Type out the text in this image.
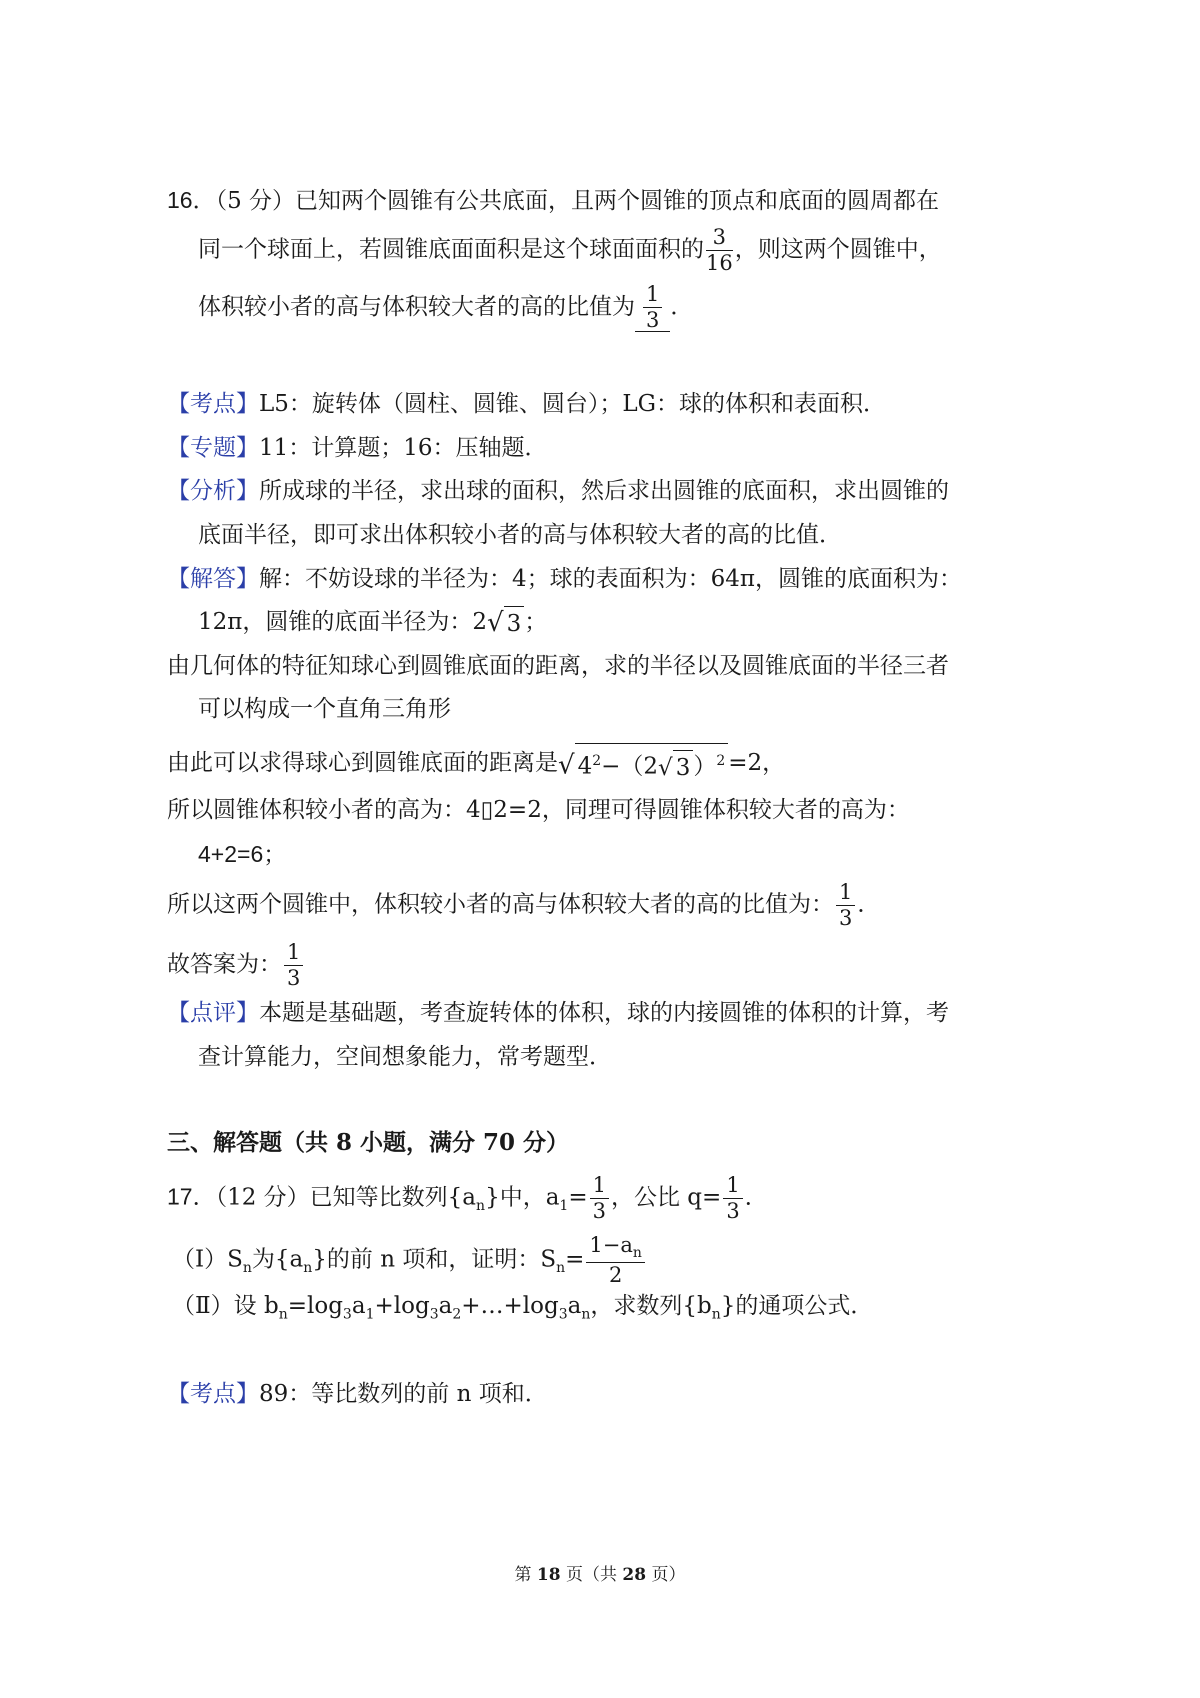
16．（5 分）已知两个圆锥有公共底面，且两个圆锥的顶点和底面的圆周都在
同一个球面上，若圆锥底面面积是这个球面面积的 $\frac{3}{16}$ ，则这两个圆锥中，
体积较小者的高与体积较大者的高的比值为 $\frac{1}{3}$ ．
【考点】L5：旋转体（圆柱、圆锥、圆台）；LG：球的体积和表面积．
【专题】11：计算题；16：压轴题．
【分析】所成球的半径，求出球的面积，然后求出圆锥的底面积，求出圆锥的
底面半径，即可求出体积较小者的高与体积较大者的高的比值．
【解答】解：不妨设球的半径为：4；球的表面积为：64π，圆锥的底面积为：
12π，圆锥的底面半径为：2√ 3 ；
由几何体的特征知球心到圆锥底面的距离，求的半径以及圆锥底面的半径三者
可以构成一个直角三角形
由此可以求得球心到圆锥底面的距离是√ $4^2-(2√$ 3 ）$^2$ =2，
所以圆锥体积较小者的高为：4▯2=2，同理可得圆锥体积较大者的高为：
4+2=6；
所以这两个圆锥中，体积较小者的高与体积较大者的高的比值为： $\frac{1}{3}$ ．
故答案为： $\frac{1}{3}$
【点评】本题是基础题，考查旋转体的体积，球的内接圆锥的体积的计算，考
查计算能力，空间想象能力，常考题型．
三、解答题（共 8 小题，满分 70 分）
17．（12 分）已知等比数列$\{a_n\}$中，$a_1= \frac{1}{3}$ ，公比 $q= \frac{1}{3}$ ．
$(Ⅰ)S_n$为$\{a_n\}$的前 n 项和，证明：$S_n= \frac{1-a_n}{2}$
（Ⅱ）设 $b_n=\log_3a_1+\log_3a_2+\dots+\log_3a_n$，求数列$\{b_n\}$的通项公式．
【考点】89：等比数列的前 n 项和．
第 18 页（共 28 页）
